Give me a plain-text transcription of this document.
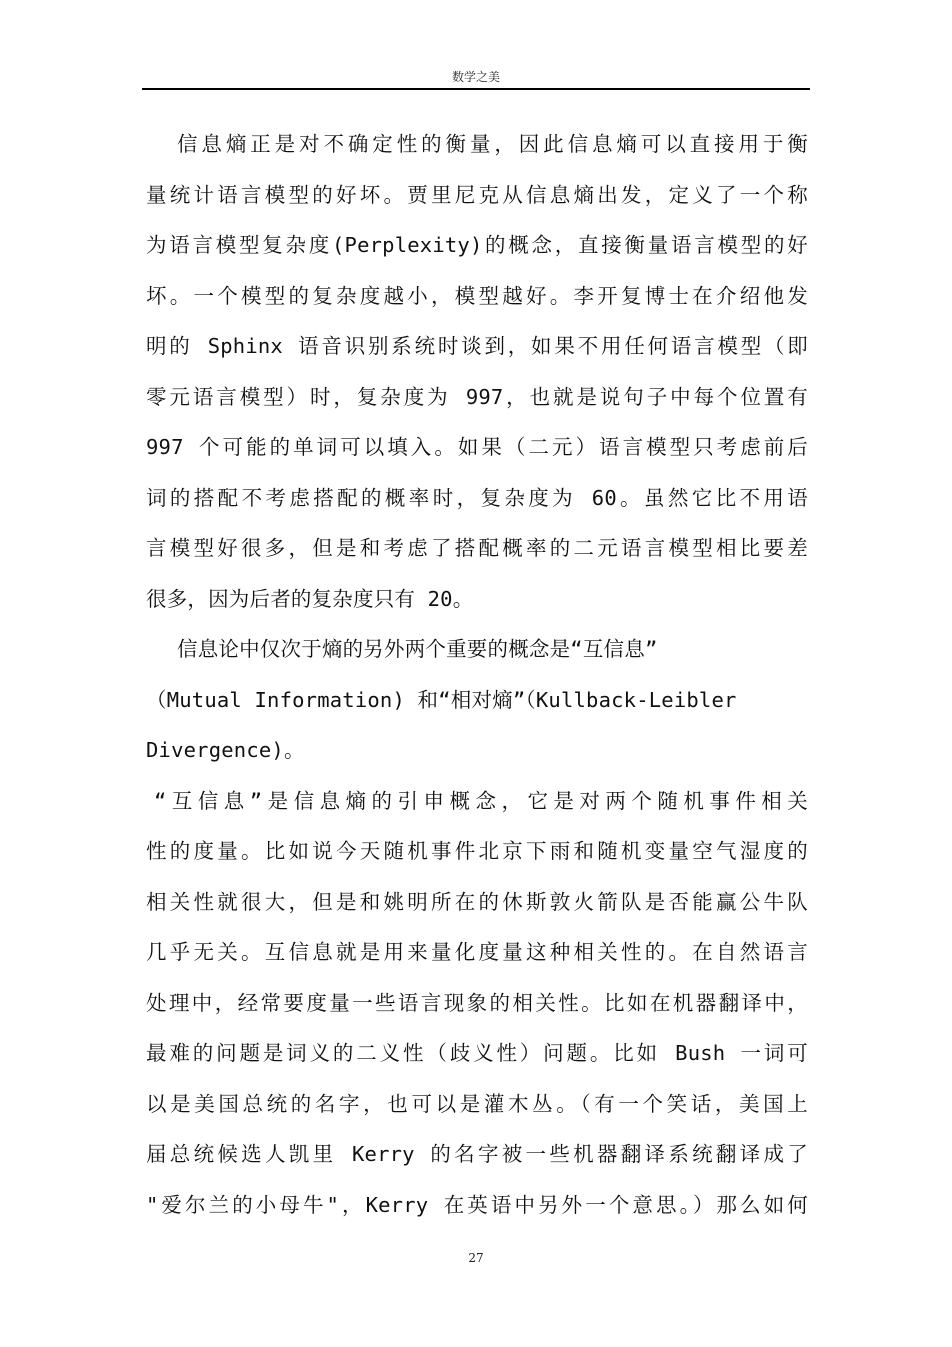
数学之美
信息熵正是对不确定性的衡量，因此信息熵可以直接用于衡
量统计语言模型的好坏。贾里尼克从信息熵出发，定义了一个称
为语言模型复杂度(Perplexity)的概念，直接衡量语言模型的好
坏。一个模型的复杂度越小，模型越好。李开复博士在介绍他发
明的 Sphinx 语音识别系统时谈到，如果不用任何语言模型（即
零元语言模型）时，复杂度为 997，也就是说句子中每个位置有
997 个可能的单词可以填入。如果（二元）语言模型只考虑前后
词的搭配不考虑搭配的概率时，复杂度为 60。虽然它比不用语
言模型好很多，但是和考虑了搭配概率的二元语言模型相比要差
很多，因为后者的复杂度只有 20。
信息论中仅次于熵的另外两个重要的概念是“互信息”
（Mutual Information) 和“相对熵”（Kullback-Leibler
Divergence)。
“互信息”是信息熵的引申概念，它是对两个随机事件相关
性的度量。比如说今天随机事件北京下雨和随机变量空气湿度的
相关性就很大，但是和姚明所在的休斯敦火箭队是否能赢公牛队
几乎无关。互信息就是用来量化度量这种相关性的。在自然语言
处理中，经常要度量一些语言现象的相关性。比如在机器翻译中，
最难的问题是词义的二义性（歧义性）问题。比如 Bush 一词可
以是美国总统的名字，也可以是灌木丛。（有一个笑话，美国上
届总统候选人凯里 Kerry 的名字被一些机器翻译系统翻译成了
"爱尔兰的小母牛"，Kerry 在英语中另外一个意思。）那么如何
27
